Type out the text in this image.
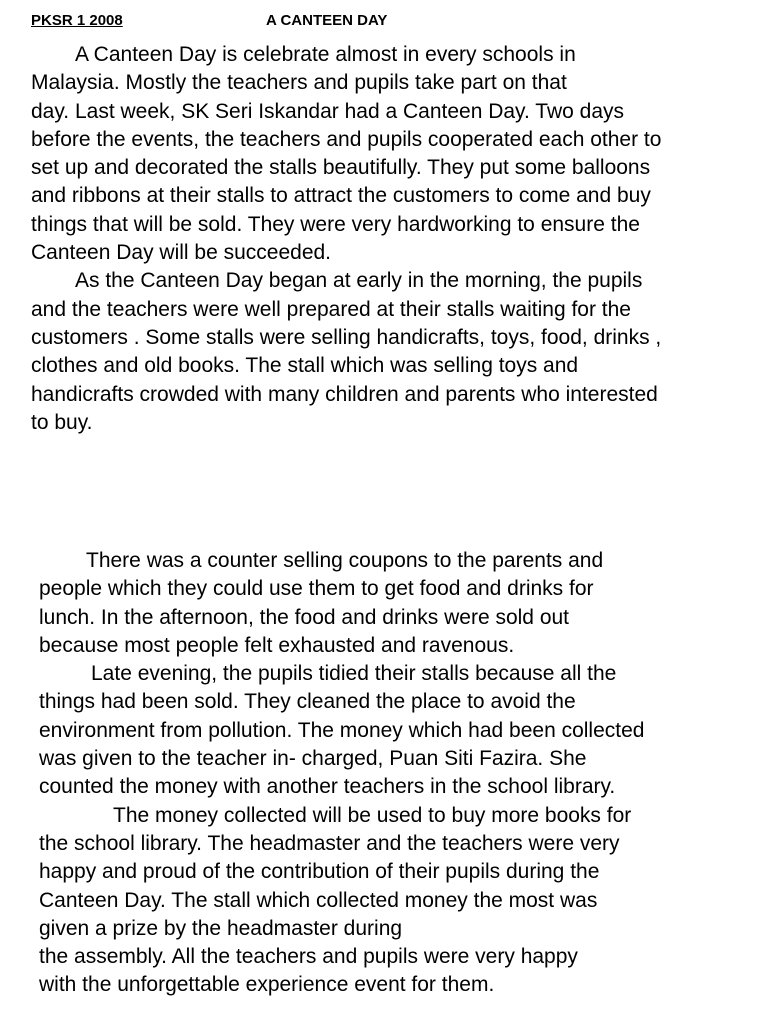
PKSR 1 2008	A CANTEEN DAY
A Canteen Day is celebrate almost in every schools in
Malaysia. Mostly the teachers and pupils take part on that
day. Last week, SK Seri Iskandar had a Canteen Day. Two days
before the events, the teachers and pupils cooperated each other to
set up and decorated the stalls beautifully. They put some balloons
and ribbons at their stalls to attract the customers to come and buy
things that will be sold. They were very hardworking to ensure the
Canteen Day will be succeeded.
As the Canteen Day began at early in the morning, the pupils
and the teachers were well prepared at their stalls waiting for the
customers . Some stalls were selling handicrafts, toys, food, drinks ,
clothes and old books. The stall which was selling toys and
handicrafts crowded with many children and parents who interested
to buy.
There was a counter selling coupons to the parents and
people which they could use them to get food and drinks for
lunch. In the afternoon, the food and drinks were sold out
because most people felt exhausted and ravenous.
Late evening, the pupils tidied their stalls because all the
things had been sold. They cleaned the place to avoid the
environment from pollution. The money which had been collected
was given to the teacher in- charged, Puan Siti Fazira. She
counted the money with another teachers in the school library.
The money collected will be used to buy more books for
the school library. The headmaster and the teachers were very
happy and proud of the contribution of their pupils during the
Canteen Day. The stall which collected money the most was
given a prize by the headmaster during
the assembly. All the teachers and pupils were very happy
with the unforgettable experience event for them.
